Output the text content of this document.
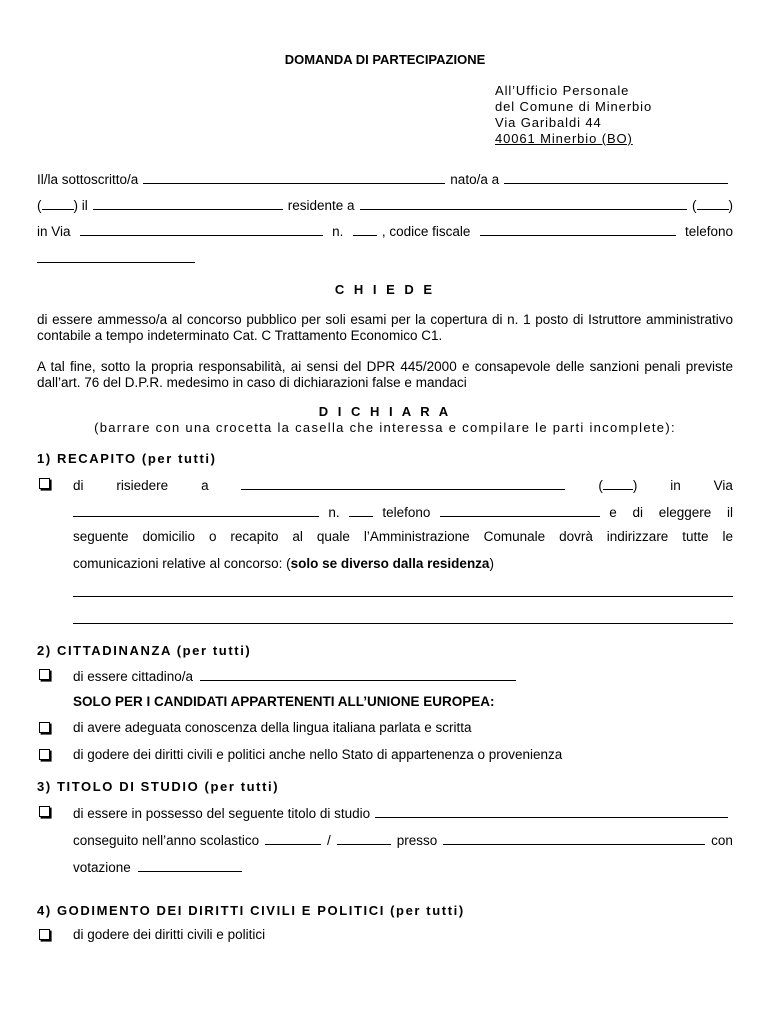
DOMANDA DI PARTECIPAZIONE
All’Ufficio Personale
del Comune di Minerbio
Via Garibaldi 44
40061 Minerbio (BO)
Il/la sottoscritto/a	nato/a a
( ) il	residente a	( )
in Via	n.	, codice fiscale	telefono
C H I E D E
di essere ammesso/a al concorso pubblico per soli esami per la copertura di n. 1 posto di Istruttore amministrativo contabile a tempo indeterminato Cat. C Trattamento Economico C1.
A tal fine, sotto la propria responsabilità, ai sensi del DPR 445/2000 e consapevole delle sanzioni penali previste dall’art. 76 del D.P.R. medesimo in caso di dichiarazioni false e mandaci
D I C H I A R A
(barrare con una crocetta la casella che interessa e compilare le parti incomplete):
1) RECAPITO (per tutti)
di risiedere a	( ) in Via
n.	telefono	e di eleggere il
seguente domicilio o recapito al quale l’Amministrazione Comunale dovrà indirizzare tutte le
comunicazioni relative al concorso: (solo se diverso dalla residenza)
2) CITTADINANZA (per tutti)
di essere cittadino/a
SOLO PER I CANDIDATI APPARTENENTI ALL’UNIONE EUROPEA:
di avere adeguata conoscenza della lingua italiana parlata e scritta
di godere dei diritti civili e politici anche nello Stato di appartenenza o provenienza
3) TITOLO DI STUDIO (per tutti)
di essere in possesso del seguente titolo di studio
conseguito nell’anno scolastico	/	presso	con
votazione
4) GODIMENTO DEI DIRITTI CIVILI E POLITICI (per tutti)
di godere dei diritti civili e politici
